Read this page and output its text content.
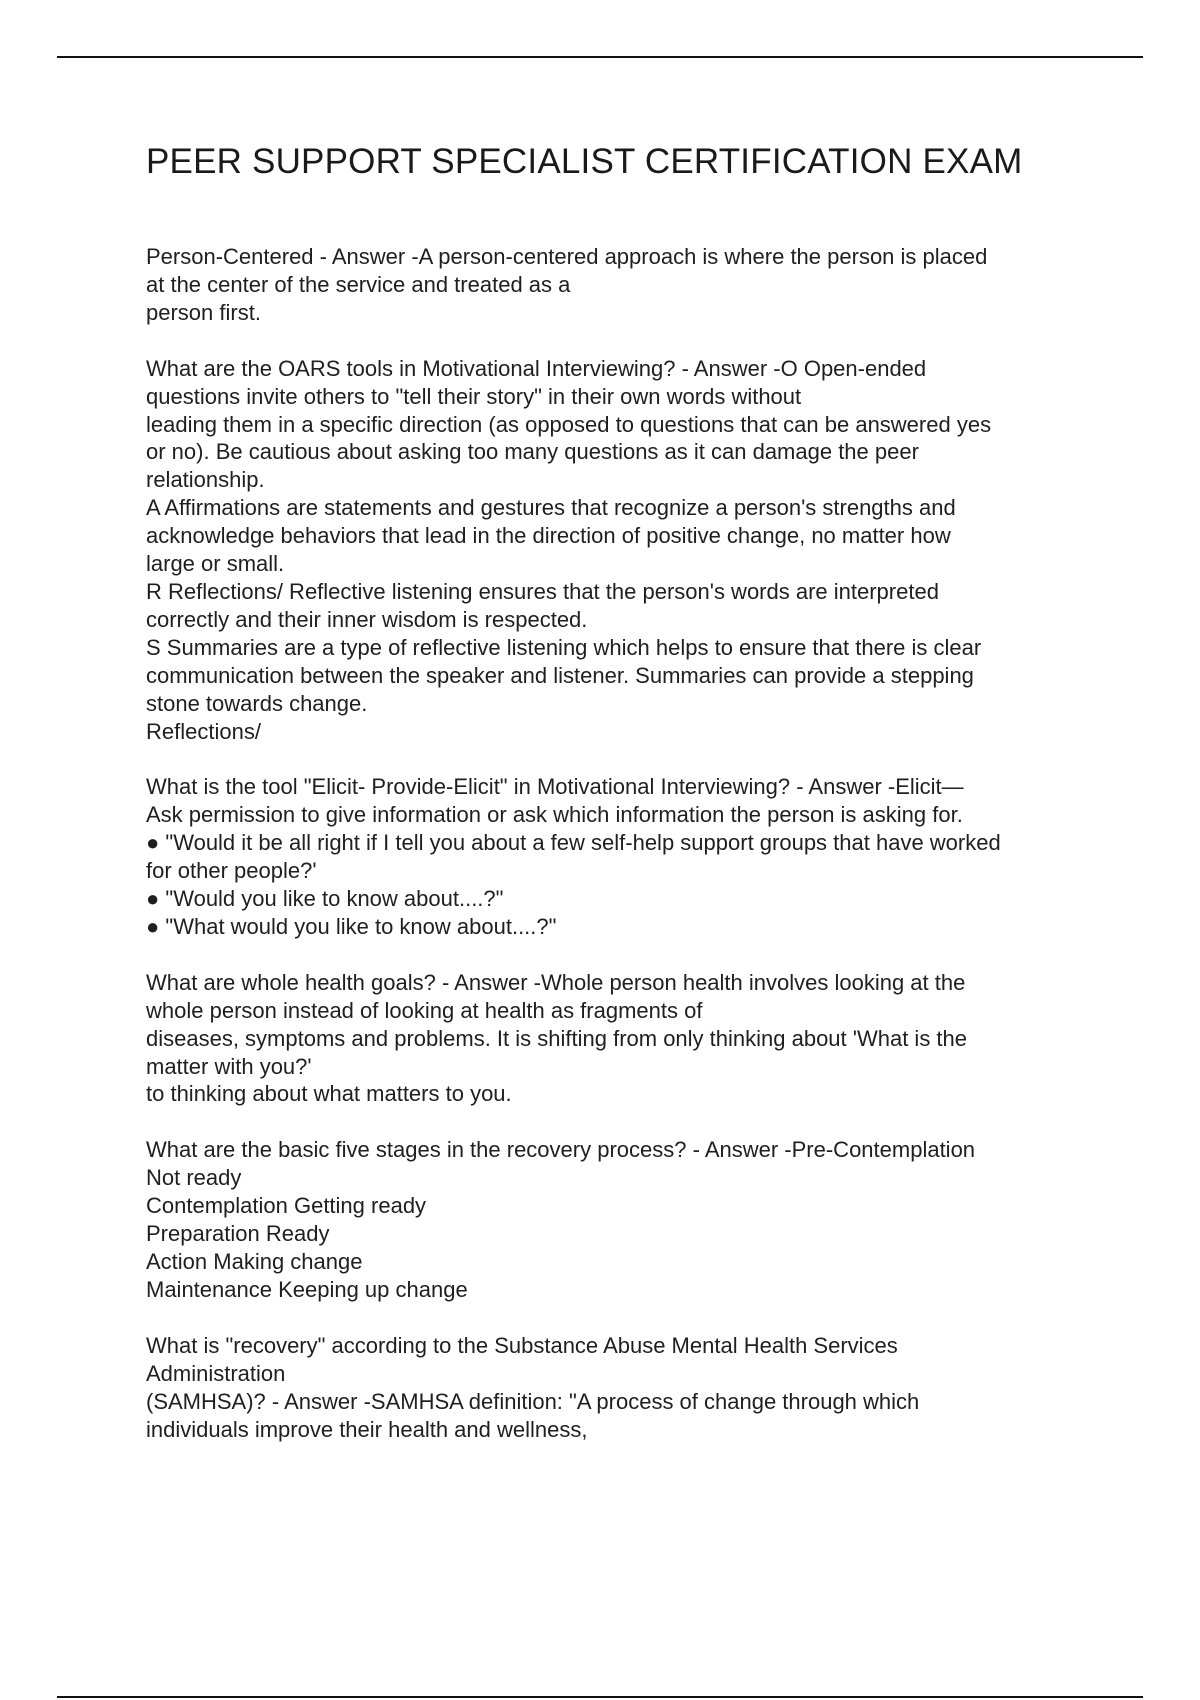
PEER SUPPORT SPECIALIST CERTIFICATION EXAM
Person-Centered - Answer -A person-centered approach is where the person is placed
at the center of the service and treated as a
person first.
What are the OARS tools in Motivational Interviewing? - Answer -O Open-ended
questions invite others to "tell their story" in their own words without
leading them in a specific direction (as opposed to questions that can be answered yes
or no). Be cautious about asking too many questions as it can damage the peer
relationship.
A Affirmations are statements and gestures that recognize a person's strengths and
acknowledge behaviors that lead in the direction of positive change, no matter how
large or small.
R Reflections/ Reflective listening ensures that the person's words are interpreted
correctly and their inner wisdom is respected.
S Summaries are a type of reflective listening which helps to ensure that there is clear
communication between the speaker and listener. Summaries can provide a stepping
stone towards change.
Reflections/
What is the tool "Elicit- Provide-Elicit" in Motivational Interviewing? - Answer -Elicit—
Ask permission to give information or ask which information the person is asking for.
● "Would it be all right if I tell you about a few self-help support groups that have worked
for other people?'
● "Would you like to know about....?"
● "What would you like to know about....?"
What are whole health goals? - Answer -Whole person health involves looking at the
whole person instead of looking at health as fragments of
diseases, symptoms and problems. It is shifting from only thinking about 'What is the
matter with you?'
to thinking about what matters to you.
What are the basic five stages in the recovery process? - Answer -Pre-Contemplation
Not ready
Contemplation Getting ready
Preparation Ready
Action Making change
Maintenance Keeping up change
What is "recovery" according to the Substance Abuse Mental Health Services
Administration
(SAMHSA)? - Answer -SAMHSA definition: "A process of change through which
individuals improve their health and wellness,
